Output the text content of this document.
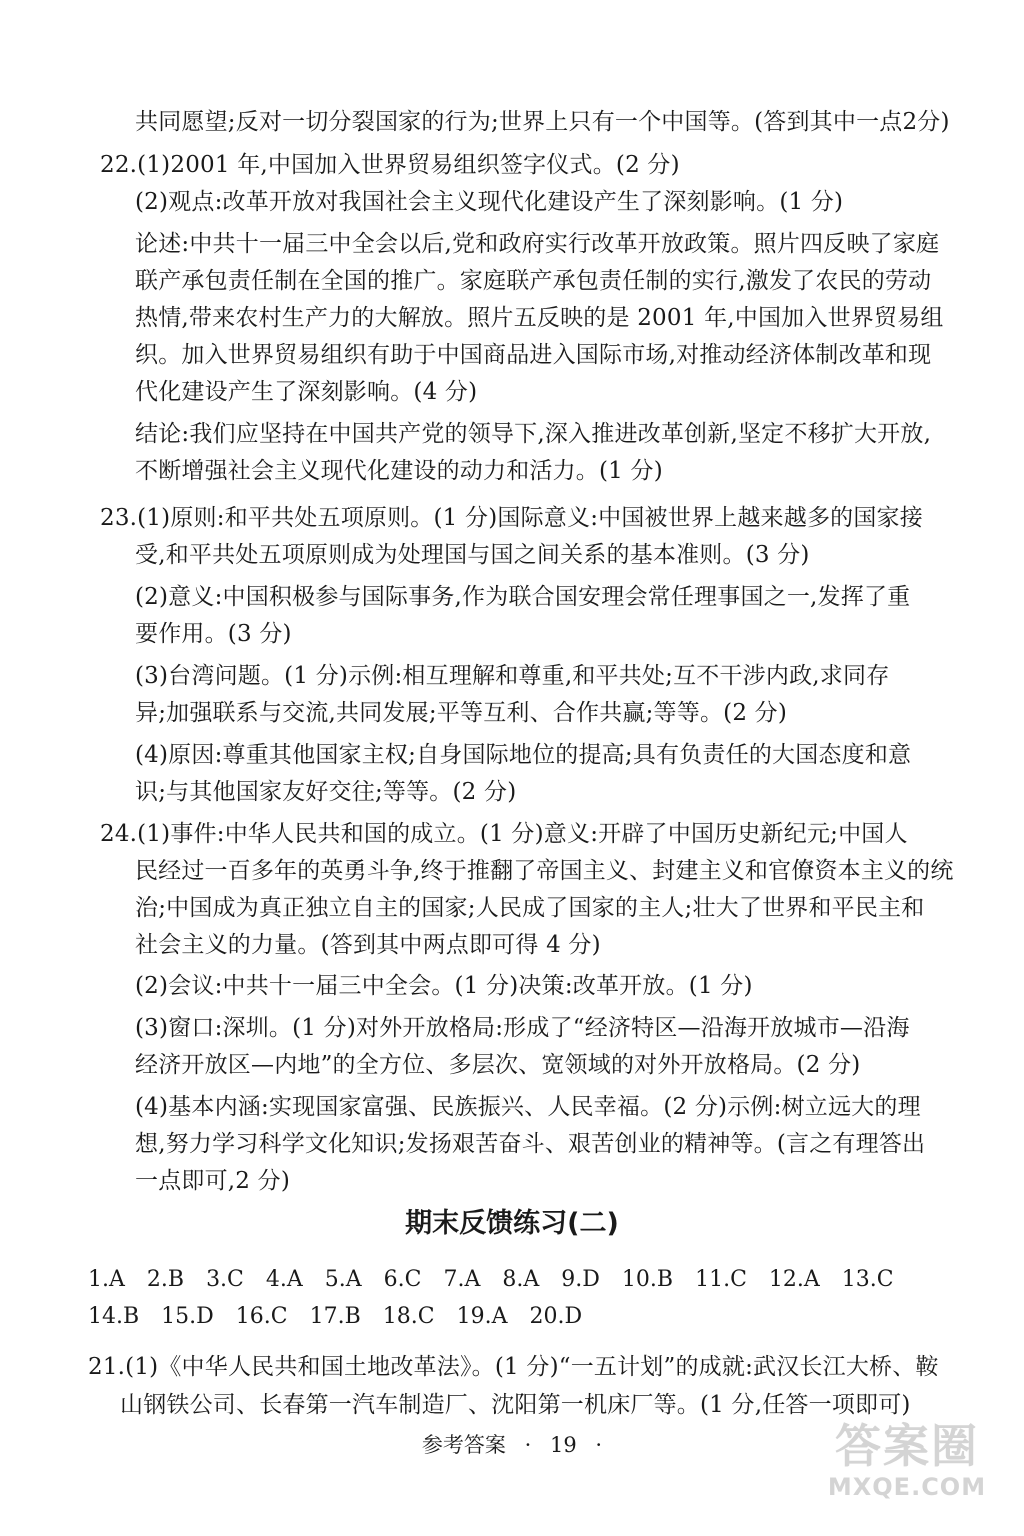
共同愿望;反对一切分裂国家的行为;世界上只有一个中国等。(答到其中一点2分)
22.(1)2001 年,中国加入世界贸易组织签字仪式。(2 分)
(2)观点:改革开放对我国社会主义现代化建设产生了深刻影响。(1 分)
论述:中共十一届三中全会以后,党和政府实行改革开放政策。照片四反映了家庭
联产承包责任制在全国的推广。家庭联产承包责任制的实行,激发了农民的劳动
热情,带来农村生产力的大解放。照片五反映的是 2001 年,中国加入世界贸易组
织。加入世界贸易组织有助于中国商品进入国际市场,对推动经济体制改革和现
代化建设产生了深刻影响。(4 分)
结论:我们应坚持在中国共产党的领导下,深入推进改革创新,坚定不移扩大开放,
不断增强社会主义现代化建设的动力和活力。(1 分)
23.(1)原则:和平共处五项原则。(1 分)国际意义:中国被世界上越来越多的国家接
受,和平共处五项原则成为处理国与国之间关系的基本准则。(3 分)
(2)意义:中国积极参与国际事务,作为联合国安理会常任理事国之一,发挥了重
要作用。(3 分)
(3)台湾问题。(1 分)示例:相互理解和尊重,和平共处;互不干涉内政,求同存
异;加强联系与交流,共同发展;平等互利、合作共赢;等等。(2 分)
(4)原因:尊重其他国家主权;自身国际地位的提高;具有负责任的大国态度和意
识;与其他国家友好交往;等等。(2 分)
24.(1)事件:中华人民共和国的成立。(1 分)意义:开辟了中国历史新纪元;中国人
民经过一百多年的英勇斗争,终于推翻了帝国主义、封建主义和官僚资本主义的统
治;中国成为真正独立自主的国家;人民成了国家的主人;壮大了世界和平民主和
社会主义的力量。(答到其中两点即可得 4 分)
(2)会议:中共十一届三中全会。(1 分)决策:改革开放。(1 分)
(3)窗口:深圳。(1 分)对外开放格局:形成了“经济特区—沿海开放城市—沿海
经济开放区—内地”的全方位、多层次、宽领域的对外开放格局。(2 分)
(4)基本内涵:实现国家富强、民族振兴、人民幸福。(2 分)示例:树立远大的理
想,努力学习科学文化知识;发扬艰苦奋斗、艰苦创业的精神等。(言之有理答出
一点即可,2 分)
期末反馈练习(二)
1.A 2.B 3.C 4.A 5.A 6.C 7.A 8.A 9.D 10.B 11.C 12.A 13.C
14.B 15.D 16.C 17.B 18.C 19.A 20.D
21.(1)《中华人民共和国土地改革法》。(1 分)“一五计划”的成就:武汉长江大桥、鞍
山钢铁公司、长春第一汽车制造厂、沈阳第一机床厂等。(1 分,任答一项即可)
参考答案 · 19 ·	答案圈
MXQE.COM
